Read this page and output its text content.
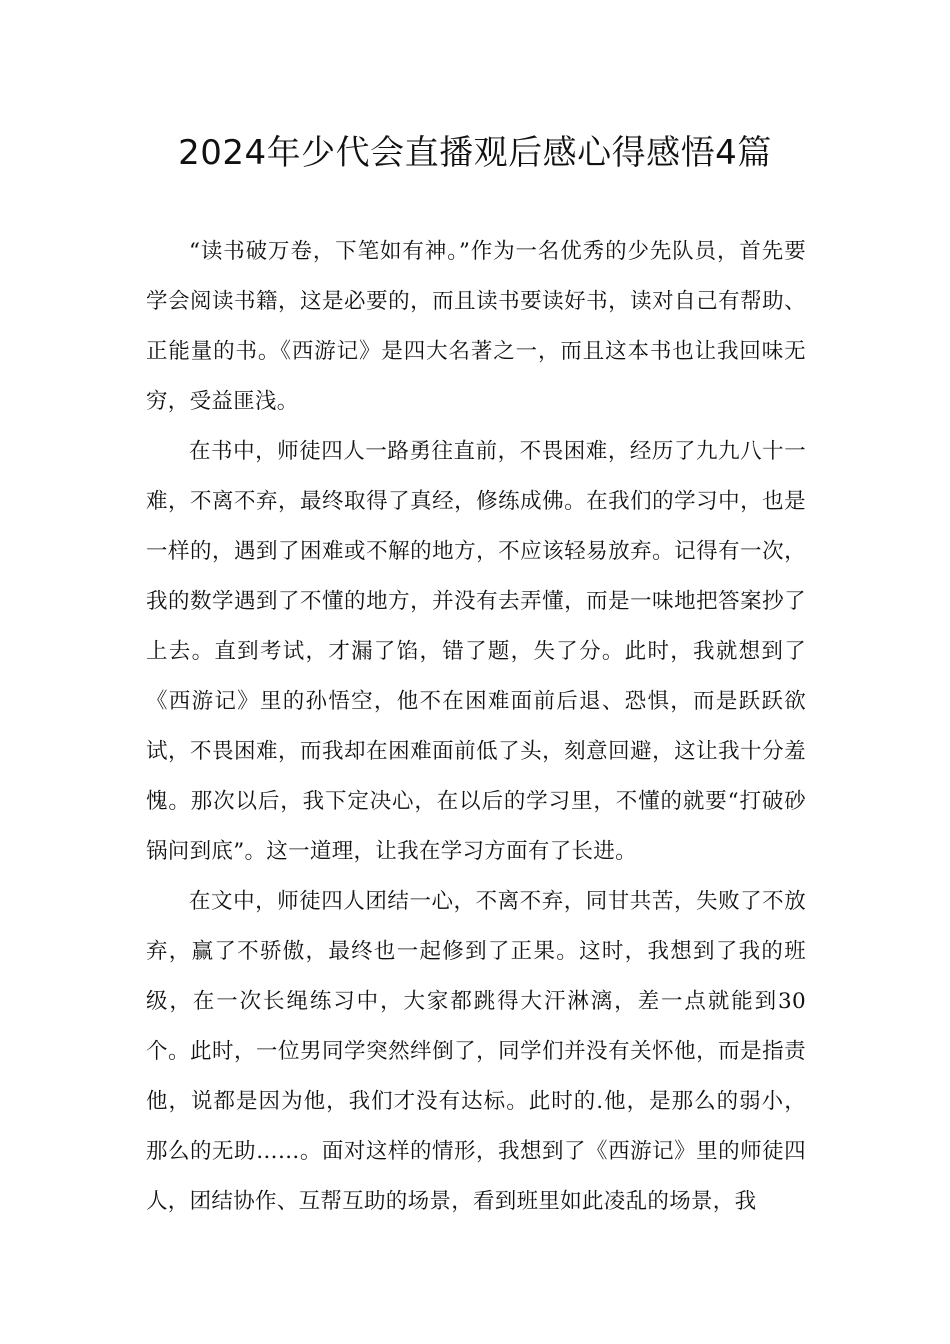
2024年少代会直播观后感心得感悟4篇

“读书破万卷，下笔如有神。”作为一名优秀的少先队员，首先要学会阅读书籍，这是必要的，而且读书要读好书，读对自己有帮助、正能量的书。《西游记》是四大名著之一，而且这本书也让我回味无穷，受益匪浅。

在书中，师徒四人一路勇往直前，不畏困难，经历了九九八十一难，不离不弃，最终取得了真经，修练成佛。在我们的学习中，也是一样的，遇到了困难或不解的地方，不应该轻易放弃。记得有一次，我的数学遇到了不懂的地方，并没有去弄懂，而是一味地把答案抄了上去。直到考试，才漏了馅，错了题，失了分。此时，我就想到了《西游记》里的孙悟空，他不在困难面前后退、恐惧，而是跃跃欲试，不畏困难，而我却在困难面前低了头，刻意回避，这让我十分羞愧。那次以后，我下定决心，在以后的学习里，不懂的就要“打破砂锅问到底”。这一道理，让我在学习方面有了长进。

在文中，师徒四人团结一心，不离不弃，同甘共苦，失败了不放弃，赢了不骄傲，最终也一起修到了正果。这时，我想到了我的班级，在一次长绳练习中，大家都跳得大汗淋漓，差一点就能到30个。此时，一位男同学突然绊倒了，同学们并没有关怀他，而是指责他，说都是因为他，我们才没有达标。此时的.他，是那么的弱小，那么的无助……。面对这样的情形，我想到了《西游记》里的师徒四人，团结协作、互帮互助的场景，看到班里如此凌乱的场景，我
